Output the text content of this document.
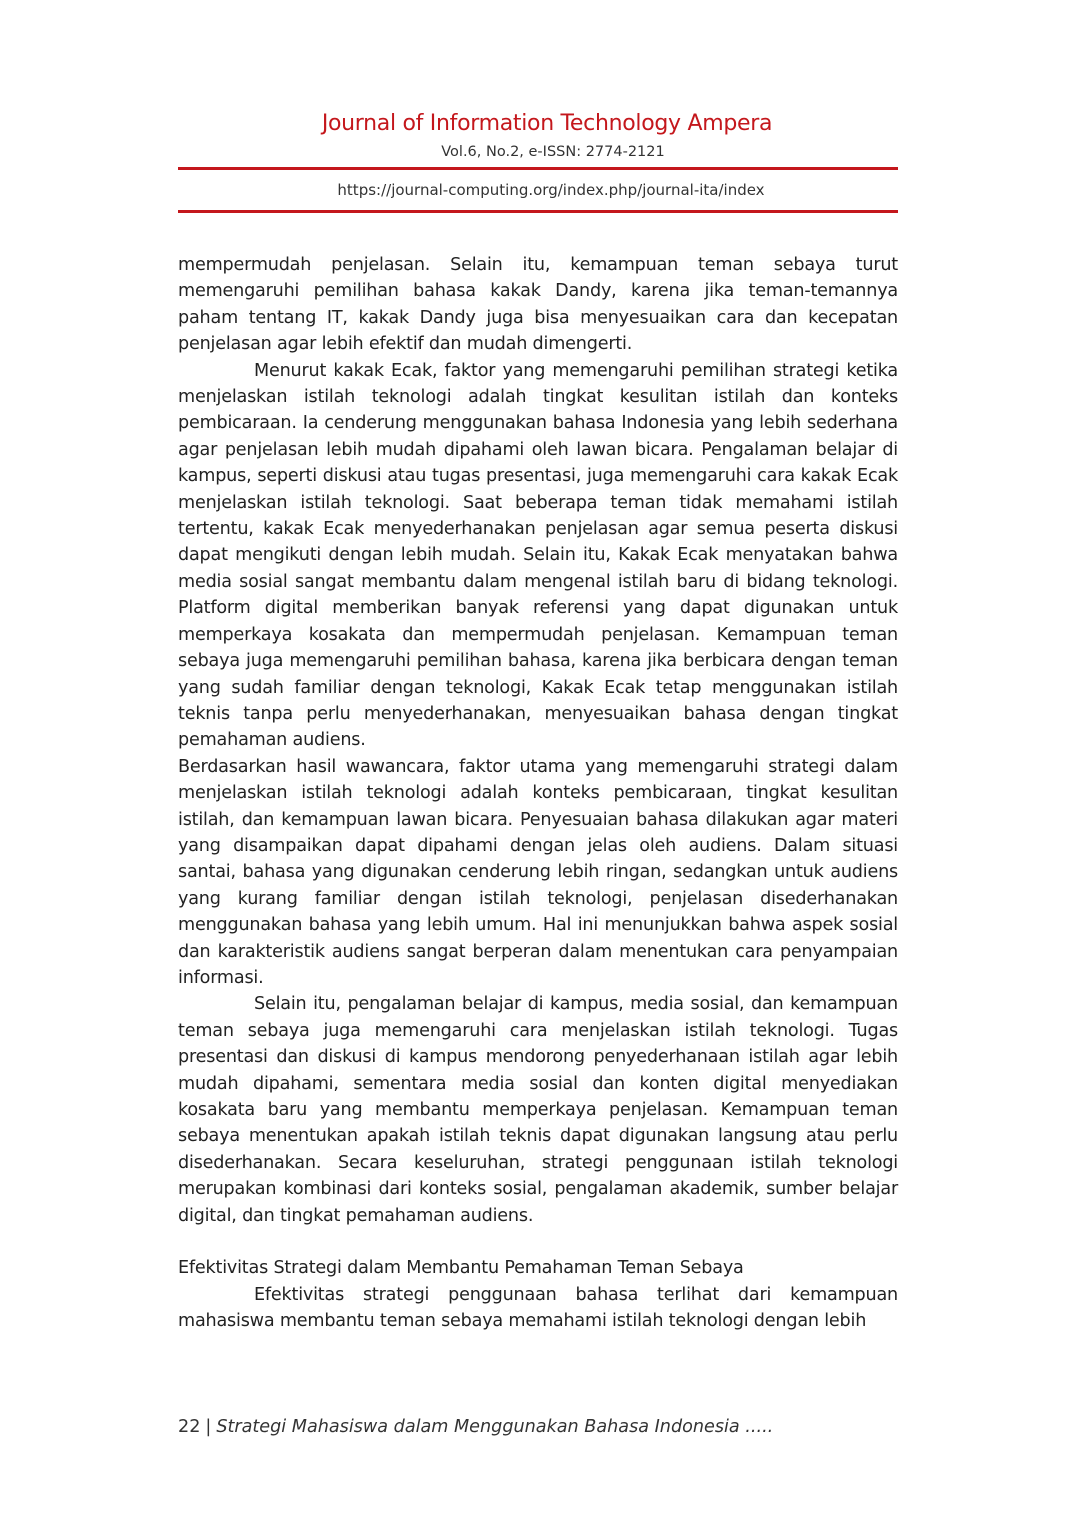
Journal of Information Technology Ampera
Vol.6, No.2, e-ISSN: 2774-2121
https://journal-computing.org/index.php/journal-ita/index

mempermudah penjelasan. Selain itu, kemampuan teman sebaya turut memengaruhi pemilihan bahasa kakak Dandy, karena jika teman-temannya paham tentang IT, kakak Dandy juga bisa menyesuaikan cara dan kecepatan penjelasan agar lebih efektif dan mudah dimengerti.

Menurut kakak Ecak, faktor yang memengaruhi pemilihan strategi ketika menjelaskan istilah teknologi adalah tingkat kesulitan istilah dan konteks pembicaraan. Ia cenderung menggunakan bahasa Indonesia yang lebih sederhana agar penjelasan lebih mudah dipahami oleh lawan bicara. Pengalaman belajar di kampus, seperti diskusi atau tugas presentasi, juga memengaruhi cara kakak Ecak menjelaskan istilah teknologi. Saat beberapa teman tidak memahami istilah tertentu, kakak Ecak menyederhanakan penjelasan agar semua peserta diskusi dapat mengikuti dengan lebih mudah. Selain itu, Kakak Ecak menyatakan bahwa media sosial sangat membantu dalam mengenal istilah baru di bidang teknologi. Platform digital memberikan banyak referensi yang dapat digunakan untuk memperkaya kosakata dan mempermudah penjelasan. Kemampuan teman sebaya juga memengaruhi pemilihan bahasa, karena jika berbicara dengan teman yang sudah familiar dengan teknologi, Kakak Ecak tetap menggunakan istilah teknis tanpa perlu menyederhanakan, menyesuaikan bahasa dengan tingkat pemahaman audiens.

Berdasarkan hasil wawancara, faktor utama yang memengaruhi strategi dalam menjelaskan istilah teknologi adalah konteks pembicaraan, tingkat kesulitan istilah, dan kemampuan lawan bicara. Penyesuaian bahasa dilakukan agar materi yang disampaikan dapat dipahami dengan jelas oleh audiens. Dalam situasi santai, bahasa yang digunakan cenderung lebih ringan, sedangkan untuk audiens yang kurang familiar dengan istilah teknologi, penjelasan disederhanakan menggunakan bahasa yang lebih umum. Hal ini menunjukkan bahwa aspek sosial dan karakteristik audiens sangat berperan dalam menentukan cara penyampaian informasi.

Selain itu, pengalaman belajar di kampus, media sosial, dan kemampuan teman sebaya juga memengaruhi cara menjelaskan istilah teknologi. Tugas presentasi dan diskusi di kampus mendorong penyederhanaan istilah agar lebih mudah dipahami, sementara media sosial dan konten digital menyediakan kosakata baru yang membantu memperkaya penjelasan. Kemampuan teman sebaya menentukan apakah istilah teknis dapat digunakan langsung atau perlu disederhanakan. Secara keseluruhan, strategi penggunaan istilah teknologi merupakan kombinasi dari konteks sosial, pengalaman akademik, sumber belajar digital, dan tingkat pemahaman audiens.

Efektivitas Strategi dalam Membantu Pemahaman Teman Sebaya

Efektivitas strategi penggunaan bahasa terlihat dari kemampuan mahasiswa membantu teman sebaya memahami istilah teknologi dengan lebih

22 | Strategi Mahasiswa dalam Menggunakan Bahasa Indonesia .....
